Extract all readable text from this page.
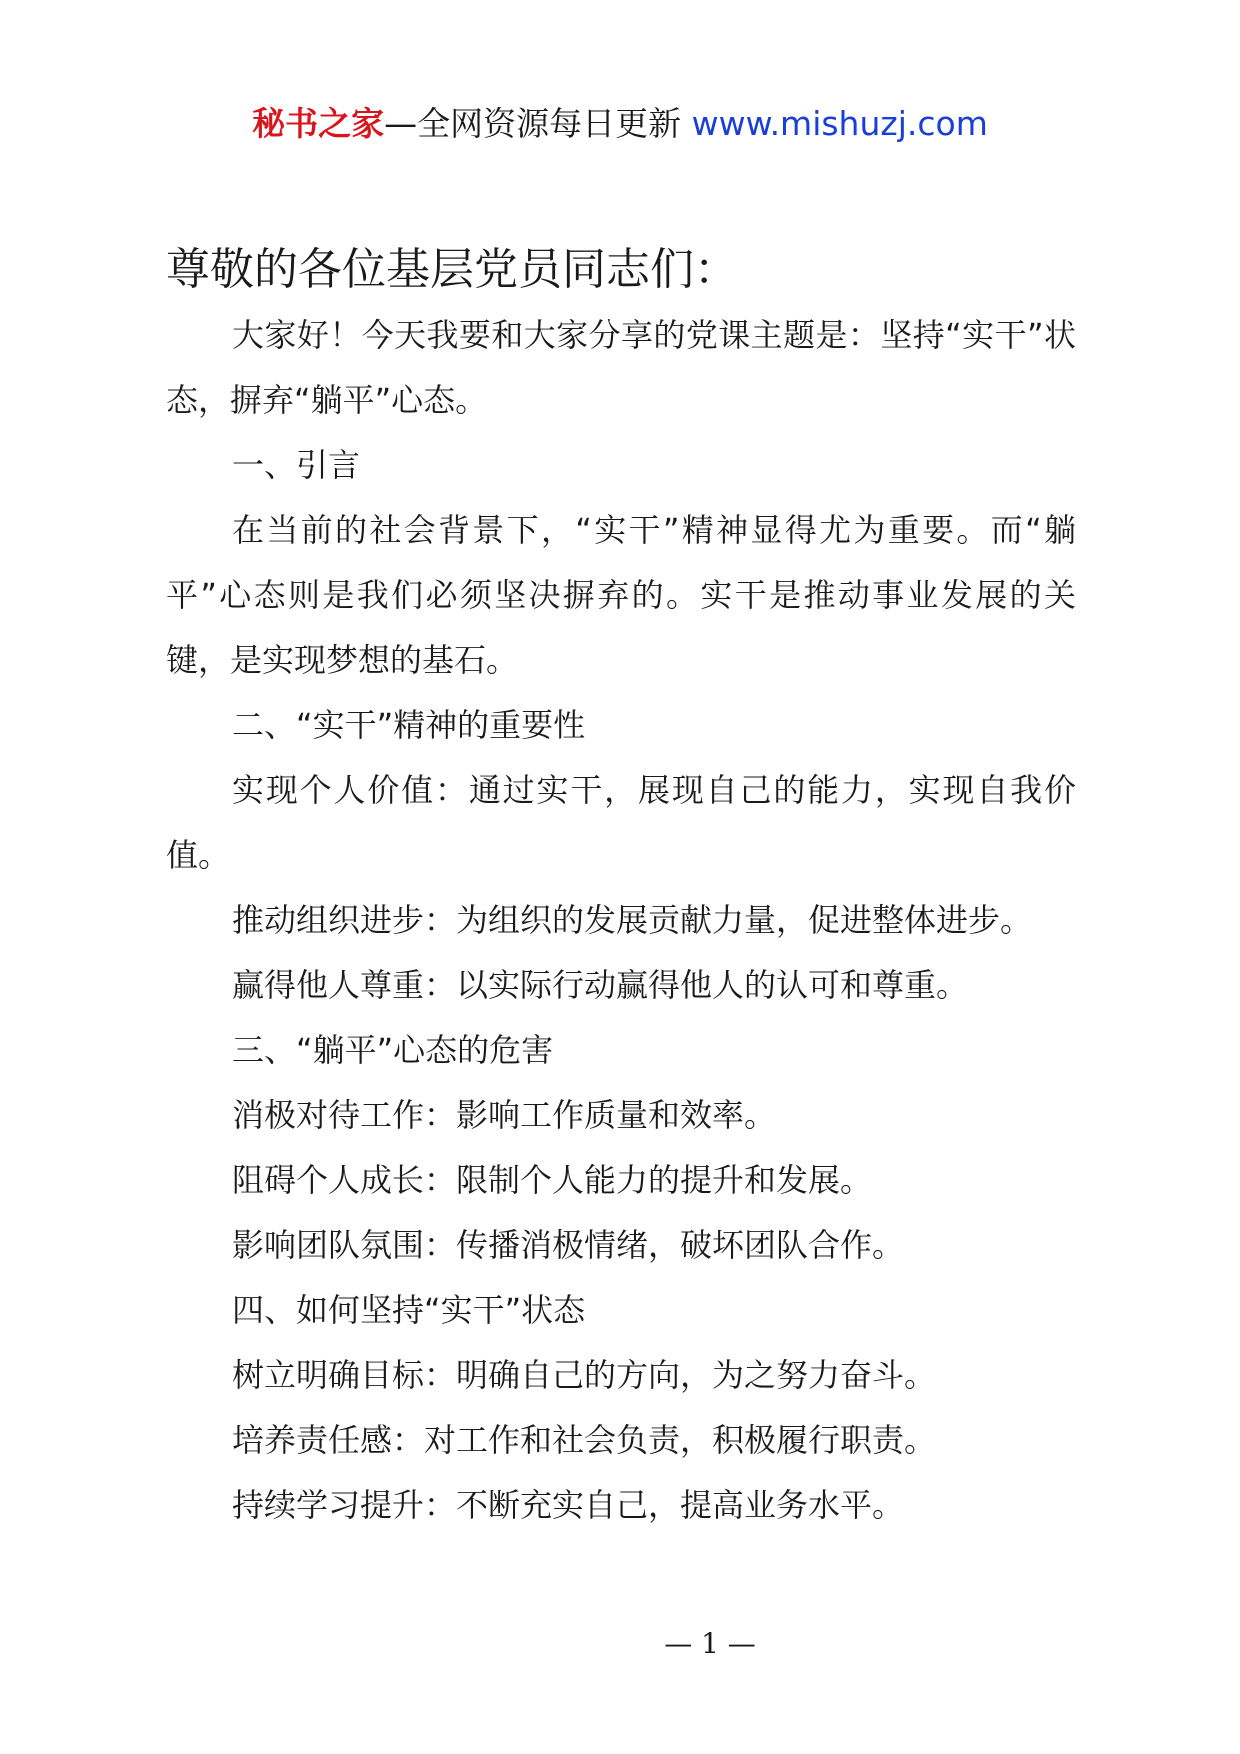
秘书之家—全网资源每日更新 www.mishuzj.com
尊敬的各位基层党员同志们：

大家好！今天我要和大家分享的党课主题是：坚持“实干”状态，摒弃“躺平”心态。

一、引言

在当前的社会背景下，“实干”精神显得尤为重要。而“躺平”心态则是我们必须坚决摒弃的。实干是推动事业发展的关键，是实现梦想的基石。

二、“实干”精神的重要性

实现个人价值：通过实干，展现自己的能力，实现自我价值。

推动组织进步：为组织的发展贡献力量，促进整体进步。

赢得他人尊重：以实际行动赢得他人的认可和尊重。

三、“躺平”心态的危害

消极对待工作：影响工作质量和效率。

阻碍个人成长：限制个人能力的提升和发展。

影响团队氛围：传播消极情绪，破坏团队合作。

四、如何坚持“实干”状态

树立明确目标：明确自己的方向，为之努力奋斗。

培养责任感：对工作和社会负责，积极履行职责。

持续学习提升：不断充实自己，提高业务水平。

— 1 —
